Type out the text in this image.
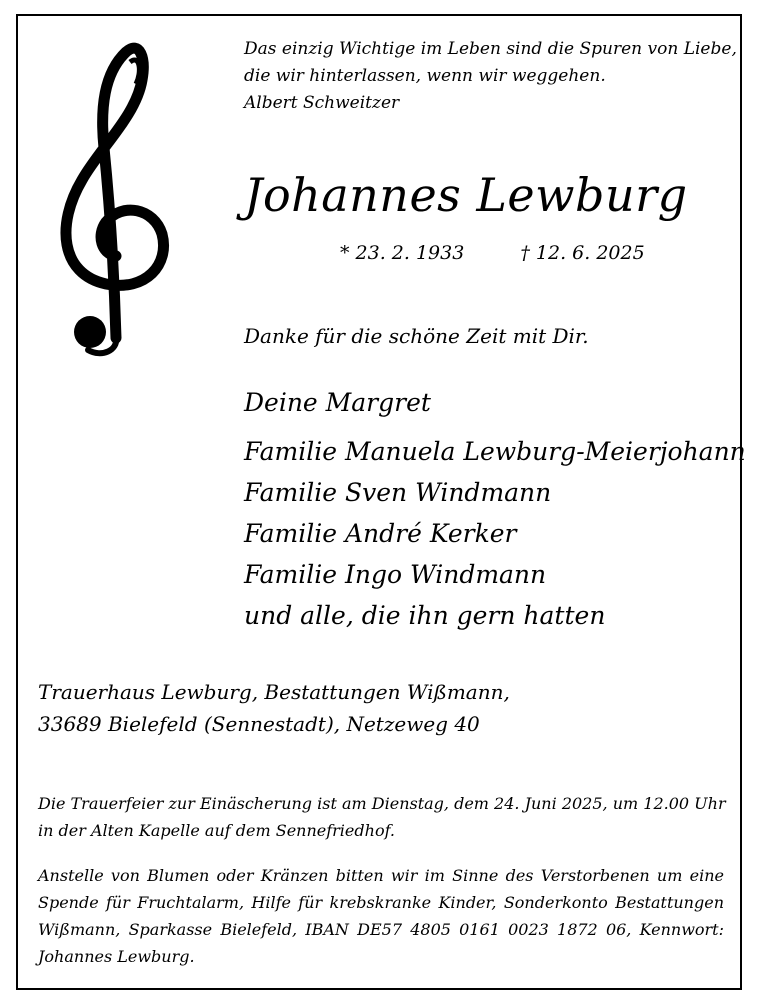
Das einzig Wichtige im Leben sind die Spuren von Liebe,
die wir hinterlassen, wenn wir weggehen.
Albert Schweitzer
Johannes Lewburg
* 23. 2. 1933	† 12. 6. 2025
Danke für die schöne Zeit mit Dir.
Deine Margret
Familie Manuela Lewburg-Meierjohann
Familie Sven Windmann
Familie André Kerker
Familie Ingo Windmann
und alle, die ihn gern hatten
Trauerhaus Lewburg, Bestattungen Wißmann,
33689 Bielefeld (Sennestadt), Netzeweg 40
Die Trauerfeier zur Einäscherung ist am Dienstag, dem 24. Juni 2025, um 12.00 Uhr
in der Alten Kapelle auf dem Sennefriedhof.
Anstelle von Blumen oder Kränzen bitten wir im Sinne des Verstorbenen um eine Spende für Fruchtalarm, Hilfe für krebskranke Kinder, Sonderkonto Bestattungen Wißmann, Sparkasse Bielefeld, IBAN DE57 4805 0161 0023 1872 06, Kennwort: Johannes Lewburg.
